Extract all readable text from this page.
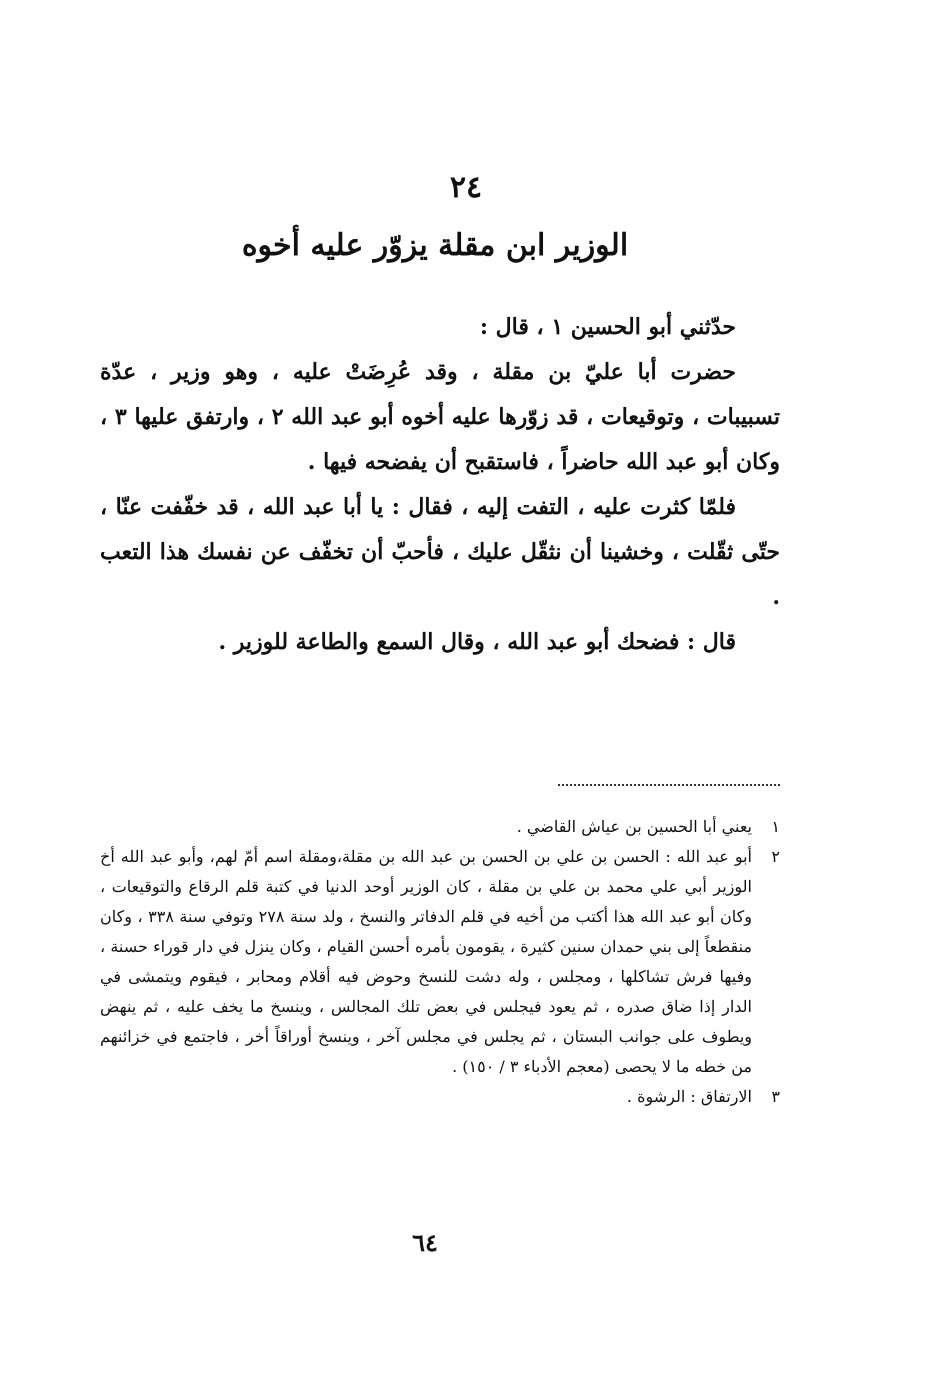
٢٤
الوزير ابن مقلة يزوّر عليه أخوه

حدّثني أبو الحسين ١ ، قال :

حضرت أبا عليّ بن مقلة ، وقد عُرِضَتْ عليه ، وهو وزير ، عدّة تسبيبات ، وتوقيعات ، قد زوّرها عليه أخوه أبو عبد الله ٢ ، وارتفق عليها ٣ ، وكان أبو عبد الله حاضراً ، فاستقبح أن يفضحه فيها .

فلمّا كثرت عليه ، التفت إليه ، فقال : يا أبا عبد الله ، قد خفّفت عنّا ، حتّى ثقّلت ، وخشينا أن نثقّل عليك ، فأحبّ أن تخفّف عن نفسك هذا التعب .

قال : فضحك أبو عبد الله ، وقال السمع والطاعة للوزير .

١
يعني أبا الحسين بن عياش القاضي .
٢
أبو عبد الله : الحسن بن علي بن الحسن بن عبد الله بن مقلة،ومقلة اسم أمّ لهم، وأبو عبد الله أخ الوزير أبي علي محمد بن علي بن مقلة ، كان الوزير أوحد الدنيا في كتبة قلم الرقاع والتوقيعات ، وكان أبو عبد الله هذا أكتب من أخيه في قلم الدفاتر والنسخ ، ولد سنة ٢٧٨ وتوفي سنة ٣٣٨ ، وكان منقطعاً إلى بني حمدان سنين كثيرة ، يقومون بأمره أحسن القيام ، وكان ينزل في دار قوراء حسنة ، وفيها فرش تشاكلها ، ومجلس ، وله دشت للنسخ وحوض فيه أقلام ومحابر ، فيقوم ويتمشى في الدار إذا ضاق صدره ، ثم يعود فيجلس في بعض تلك المجالس ، وينسخ ما يخف عليه ، ثم ينهض ويطوف على جوانب البستان ، ثم يجلس في مجلس آخر ، وينسخ أوراقاً أخر ، فاجتمع في خزائنهم من خطه ما لا يحصى (معجم الأدباء ٣ / ١٥٠) .
٣
الارتفاق : الرشوة .
٦٤
